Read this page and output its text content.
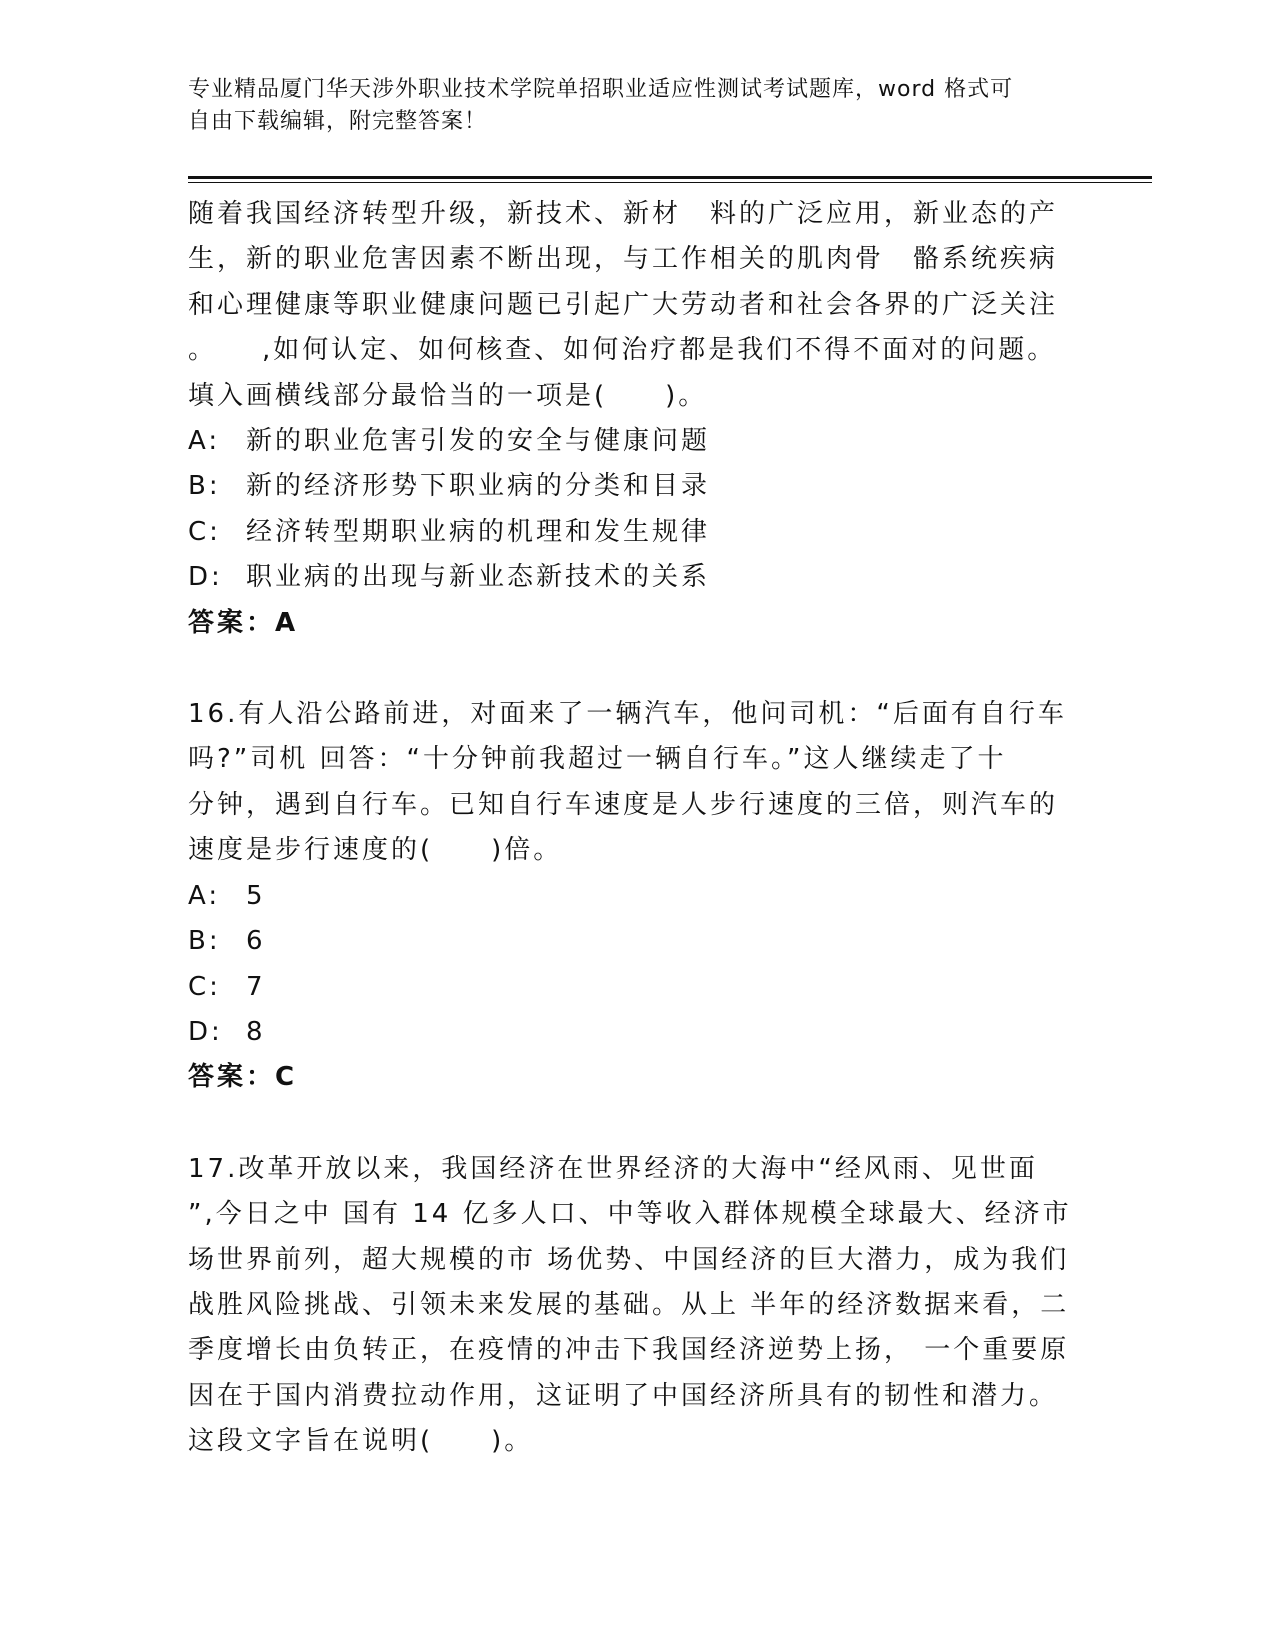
专业精品厦门华天涉外职业技术学院单招职业适应性测试考试题库，word 格式可
自由下载编辑，附完整答案！
随着我国经济转型升级，新技术、新材　料的广泛应用，新业态的产
生，新的职业危害因素不断出现，与工作相关的肌肉骨　骼系统疾病
和心理健康等职业健康问题已引起广大劳动者和社会各界的广泛关注
。　　,如何认定、如何核查、如何治疗都是我们不得不面对的问题。
填入画横线部分最恰当的一项是(　　)。
A: 新的职业危害引发的安全与健康问题
B: 新的经济形势下职业病的分类和目录
C: 经济转型期职业病的机理和发生规律
D: 职业病的出现与新业态新技术的关系
答案：A
16.有人沿公路前进，对面来了一辆汽车，他问司机：“后面有自行车
吗?”司机 回答：“十分钟前我超过一辆自行车。”这人继续走了十
分钟，遇到自行车。已知自行车速度是人步行速度的三倍，则汽车的
速度是步行速度的(　　)倍。
A: 5
B: 6
C: 7
D: 8
答案：C
17.改革开放以来，我国经济在世界经济的大海中“经风雨、见世面
”,今日之中 国有 14 亿多人口、中等收入群体规模全球最大、经济市
场世界前列，超大规模的市 场优势、中国经济的巨大潜力，成为我们
战胜风险挑战、引领未来发展的基础。从上 半年的经济数据来看，二
季度增长由负转正，在疫情的冲击下我国经济逆势上扬， 一个重要原
因在于国内消费拉动作用，这证明了中国经济所具有的韧性和潜力。
这段文字旨在说明(　　)。
